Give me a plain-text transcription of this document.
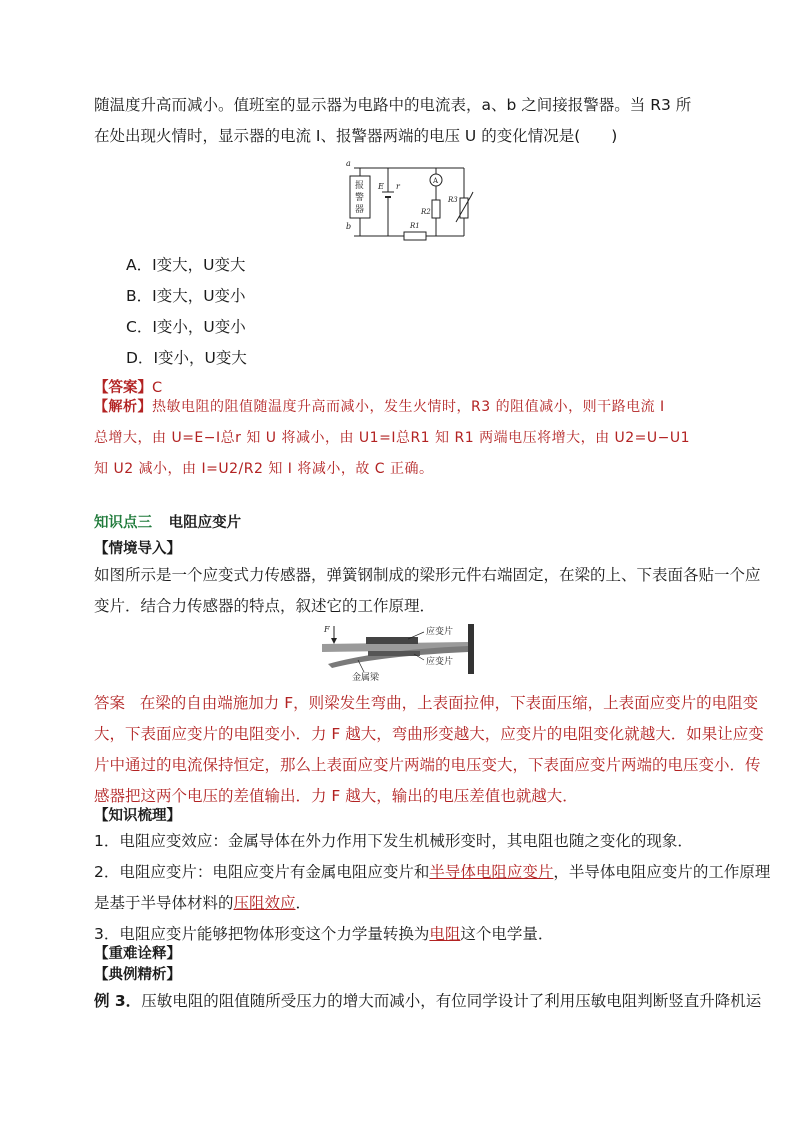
随温度升高而减小。值班室的显示器为电路中的电流表，a、b 之间接报警器。当 R3 所
在处出现火情时，显示器的电流 I、报警器两端的电压 U 的变化情况是(　　)
a
b
报
警
器
E r
A
R2
R3
R1
A．I变大，U变大
B．I变大，U变小
C．I变小，U变小
D．I变小，U变大
【答案】C
【解析】热敏电阻的阻值随温度升高而减小，发生火情时，R3 的阻值减小，则干路电流 I
总增大，由 U=E−I总r 知 U 将减小，由 U1=I总R1 知 R1 两端电压将增大，由 U2=U−U1
知 U2 减小，由 I=U2/R2 知 I 将减小，故 C 正确。
知识点三 电阻应变片
【情境导入】
如图所示是一个应变式力传感器，弹簧钢制成的梁形元件右端固定，在梁的上、下表面各贴一个应
变片．结合力传感器的特点，叙述它的工作原理．
F	应变片
应变片
金属梁
答案 在梁的自由端施加力 F，则梁发生弯曲，上表面拉伸，下表面压缩，上表面应变片的电阻变
大，下表面应变片的电阻变小．力 F 越大，弯曲形变越大，应变片的电阻变化就越大．如果让应变
片中通过的电流保持恒定，那么上表面应变片两端的电压变大，下表面应变片两端的电压变小．传
感器把这两个电压的差值输出．力 F 越大，输出的电压差值也就越大．
【知识梳理】
1．电阻应变效应：金属导体在外力作用下发生机械形变时，其电阻也随之变化的现象．
2．电阻应变片：电阻应变片有金属电阻应变片和半导体电阻应变片，半导体电阻应变片的工作原理
是基于半导体材料的压阻效应．
3．电阻应变片能够把物体形变这个力学量转换为电阻这个电学量．
【重难诠释】
【典例精析】
例 3．压敏电阻的阻值随所受压力的增大而减小，有位同学设计了利用压敏电阻判断竖直升降机运
